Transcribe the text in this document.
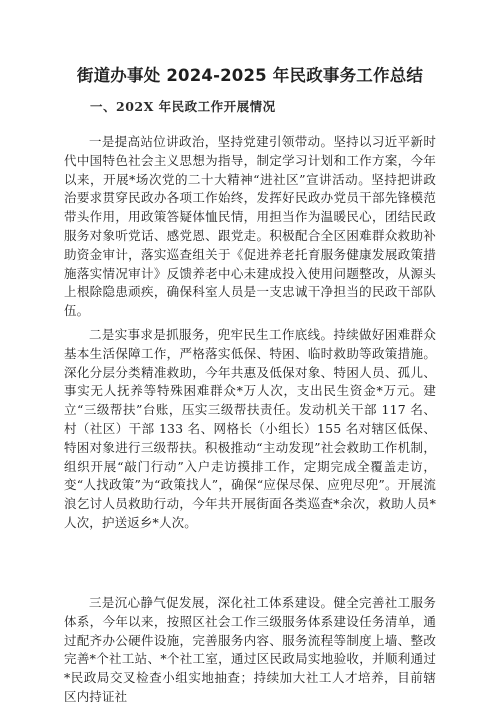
街道办事处 2024-2025 年民政事务工作总结
一、202X 年民政工作开展情况

一是提高站位讲政治，坚持党建引领带动。坚持以习近平新时代中国特色社会主义思想为指导，制定学习计划和工作方案，今年以来，开展*场次党的二十大精神“进社区”宣讲活动。坚持把讲政治要求贯穿民政办各项工作始终，发挥好民政办党员干部先锋模范带头作用，用政策答疑体恤民情，用担当作为温暖民心，团结民政服务对象听党话、感党恩、跟党走。积极配合全区困难群众救助补助资金审计，落实巡查组关于《促进养老托育服务健康发展政策措施落实情况审计》反馈养老中心未建成投入使用问题整改，从源头上根除隐患顽疾，确保科室人员是一支忠诚干净担当的民政干部队伍。

二是实事求是抓服务，兜牢民生工作底线。持续做好困难群众基本生活保障工作，严格落实低保、特困、临时救助等政策措施。深化分层分类精准救助，今年共惠及低保对象、特困人员、孤儿、事实无人抚养等特殊困难群众*万人次，支出民生资金*万元。建立“三级帮扶”台账，压实三级帮扶责任。发动机关干部 117 名、村（社区）干部 133 名、网格长（小组长）155 名对辖区低保、特困对象进行三级帮扶。积极推动“主动发现”社会救助工作机制，组织开展“敲门行动”入户走访摸排工作，定期完成全覆盖走访，变“人找政策”为“政策找人”，确保“应保尽保、应兜尽兜”。开展流浪乞讨人员救助行动，今年共开展街面各类巡查*余次，救助人员*人次，护送返乡*人次。

三是沉心静气促发展，深化社工体系建设。健全完善社工服务体系，今年以来，按照区社会工作三级服务体系建设任务清单，通过配齐办公硬件设施，完善服务内容、服务流程等制度上墙、整改完善*个社工站、*个社工室，通过区民政局实地验收，并顺利通过*民政局交叉检查小组实地抽查；持续加大社工人才培养，目前辖区内持证社
